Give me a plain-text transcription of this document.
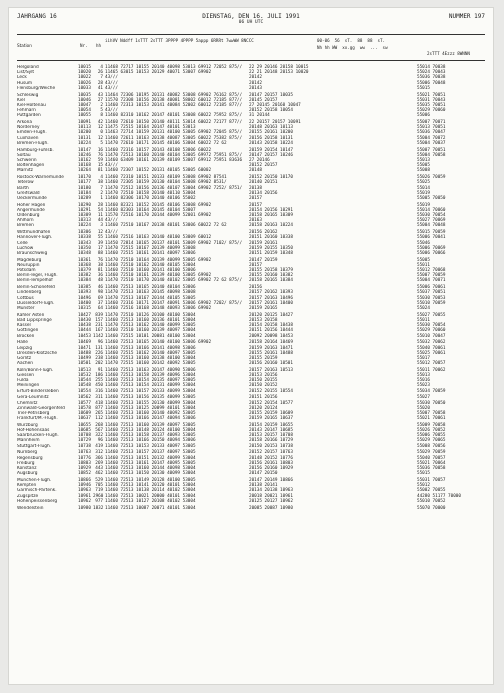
JAHRGANG 16	DIENSTAG, DEN 16. JULI 1991	NUMMER 197
06 UH UTC
Station	Nr. hh
iihVV Nddff 1sTTT 2sTTT 3PPPP 4PPPP 5appp 6RRRt 7wwWW 8NCCC	00-06  56  sT.  88  88  sT.
Nh hh WW  xx.gg  ww  ...  sw
2sTTT 4Ezzz 8WNNN
Helgoland	10015	4 11468 72717 10155 20140 40098 53013 69912 72052 875// 22 29 20146 20158 10015	55014 70038
List/Sylt	10020	26 11465 63015 10153 20129 40071 53007 69902	22 21 20148 20153 10020	55024 70043
Leck	10022	7 43///	20142	55036 70038
Husum	10026	28 43///	20142	55006 70048
Flensburg/Weiche	10033	41 43///	20143	55015
Schleswig	10035	43 11464 72306 10195 20131 40082 53008 69902 76162 875// 20147 20157 10035	55021 70051
Kiel	10046	27 11570 72308 10156 20138 40081 58002 60012 72185 877// 20145 20157	55031 70043
Kiel-Holtenau	10047	2 11460 72313 10153 20141 40084 52002 60012 72185 877// 27 20145 20160 10047	55035 70051
Fehmarn	10054	5 43///	20152 20158 10054	55029 70060
Puttgarden	10055	8 11460 82310 10162 20147 40101 53008 60022 75952 875// 31 20144	55006
Arkona	10091	42 11460 72610 10150 20140 40111 53014 60022 72177 877// 22 20157 20157 10091	55007 70071
Norderney	10113	12 11475 72515 10164 20147 40101 53013	20148 20163 10113	55013 70051
Emden-Flugh.	10200	0 11463 72714 10159 20131 40100 53005 69902 72045 875// 20155 20161 10200	55036 70047
Cuxhaven	10131	12 11460 72611 10163 20138 40087 53005 60022 75382 875// 20156 20158 10131	55004 70072
Bremen-Flugh.	10224	5 11470 72610 10171 20145 40106 53004 60022 72 62	20143 20158 10224	55004 70037
Hamburg-Fuhlsb.	10147	16 11460 72316 10157 20143 40108 53006 60022	20159 20154 10147	55007 70051
Soltau	10246	76 11470 72513 10160 20140 40104 53005 69972 75951 875// 20147 20157 10246	55004 70058
Schwerin	10162	59 11460 63409 10161 20139 40109 53007 69912 75951 83636 27 20146	55013
Boltenhagen	10168	15 43///	20152 20157	55005
Marnitz	10264	81 11460 72307 10152 20131 40105 53005 60002	20148	55008
Rostock-Warnemünde	10170	4 11460 72310 10151 20133 40109 53008 69902 87541	20152 20150 10170	55026 70059
Teterow	10177	38 11460 72305 10159 20130 40104 53008 69902 8531/	20140 20151	55025
Barth	10180	7 11470 72512 10156 20136 40107 53004 69902 7252/ 8751/ 20138	55014
Greifswald	10184	2 11470 72510 10158 20140 40110 53004	20134 20156	55019
Ueckermünde	10289	1 11460 82306 10170 20140 40106 55002	20157	55005 70050
Hoher Hagen	10290	28 11460 82321 10152 20145 40106 53008 69902	20157	55019
Angermünde	10291	54 11460 82303 10164 20145 40104 53007	20154 20156 10291	55014 70060
Oldenburg	10309	11 11570 72516 10170 20144 40099 52001 69902	20158 20165 10309	55030 70054
Ahlhorn	10313	44 43///	20163	55027 70069
Bremen	10224	3 11460 72510 10167 20138 40101 53006 60022 72 62	20158 20163 10224	55004 70048
Wittmundhafen	10306	12 43///	20156 20162	55015 70059
Hannover-Flugh.	10338	55 11460 72516 10163 20140 40100 53009 60012	20151 20160 10338	55006 70041
Celle	10343	39 11450 72814 10165 20137 40101 53009 69902 7102/ 875// 20159 20161	55046
Lüchow	10350	17 11470 72515 10167 20139 40099 53008	20159 20155 10350	55006 70069
Braunschweig	10348	88 11460 72515 10161 20141 40097 53006	20151 20159 10348	55006 70066
Magdeburg	10361	76 11470 72510 10164 20139 40099 53005 69902	20147 20159	55005
Neuruppin	10368	38 11460 72510 10162 20140 40105 53004	20157	55011
Potsdam	10379	81 11460 72510 10160 20141 40100 53006	20155 20158 10379	55012 70068
Berlin-Tegel, Flugh.	10382	36 11460 72510 10161 20139 40100 53005 69902	20155 20160 10382	55007 70059
Berlin-Tempelhof	10384	48 11470 72510 10170 20140 40102 53005 69902 72 62 875// 20158 20165 10384	55004 70071
Berlin-Schönefeld	10385	46 11460 72513 10165 20140 40104 53006	20156	55006 70061
Lindenberg	10393	98 11470 72513 10163 20145 40098 53008	20157 20162 10393	55037 70051
Cottbus	10496	69 11470 72513 10167 20144 40105 53005	20157 20163 10496	55030 70053
Düsseldorf-Flugh.	10400	37 11460 72316 10171 20147 40091 53006 69902 7202/ 875// 20157 20161 10400	55010 70059
Münster	10315	64 11460 72516 10168 20148 40093 53006 69902	20159 20165	55024
Kahler Asten	10427 839 11470 72510 10126 20100 40100 53004	20120 20125 10427	55027 70055
Bad Lippspringe	10430 157 11460 72513 10160 20136 40101 53004	20153 20158	55011
Kassel	10438 231 11470 72513 10162 20140 40099 53005	20154 20158 10438	55030 70054
Göttingen	10444 167 11460 72510 10160 20139 40097 53004	20151 20156 10444	55029 70060
Brocken	10453 1142 11460 72515 10101 20081 40100 53004	20092 20098 10453	55010 70047
Halle	10469	96 11460 72513 10165 20140 40100 53006 69902	20158 20164 10469	55032 70062
Leipzig	10471 131 11460 72513 10166 20141 40098 53006	20159 20163 10471	55040 70061
Dresden-Klotzsche	10488 226 11460 72515 10162 20140 40097 53005	20155 20161 10488	55025 70061
Görlitz	10499 238 11460 72513 10160 20138 40100 53004	20155 20159	55017
Aachen	10501 202 11470 72515 10160 20142 40092 53005	20156 20160 10501	55012 70057
Köln/Bonn-Flugh.	10513	91 11460 72513 10163 20147 40090 53006	20157 20163 10513	55011 70062
Giessen	10532 186 11460 72513 10158 20139 40096 53004	20153 20156	55013
Fulda	10544 255 11460 72513 10154 20135 40097 53005	20150 20155	55016
Meiningen	10548 450 11460 72513 10154 20131 40099 53004	20150 20152	55023
Erfurt-Bindersleben	10554 316 11460 72513 10157 20133 40099 53004	20152 20155 10554	55034 70059
Gera-Leumnitz	10562 311 11460 72513 10156 20135 40099 53005	20151 20156	55027
Chemnitz	10577 418 11460 72513 10155 20130 40099 53004	20152 20154 10577	55030 70050
Zinnwald-Georgenfeld	10578 877 11460 72513 10125 20099 40101 53004	20120 20124	55020
Trier-Petrisberg	10609 265 11460 72513 10160 20140 40092 53005	20155 20159 10609	55007 70058
Frankfurt/M.-Flugh.	10637 112 11460 72513 10166 20147 40094 53006	20159 20165 10637	55021 70061
Würzburg	10655 268 11460 72513 10160 20139 40097 53005	20154 20159 10655	55009 70058
Hof-Hohensaas	10685 567 11460 72513 10148 20124 40100 53004	20143 20147 10685	55026 70052
Saarbrücken-Flugh.	10708 322 11460 72513 10158 20137 40093 53005	20153 20157 10708	55006 70055
Mannheim	10729	96 11460 72513 10166 20150 40094 53006	20158 20166 10729	55029 70065
Stuttgart-Flugh.	10738 419 11460 72513 10153 20133 40097 53005	20150 20153 10738	55008 70056
Nürnberg	10763 312 11460 72513 10157 20137 40097 53005	20152 20157 10763	55029 70059
Regensburg	10776 366 11460 72513 10151 20132 40099 53004	20148 20152 10776	55040 70057
Freiburg	10803 269 11460 72513 10161 20147 40095 53005	20156 20161 10803	55021 70064
Konstanz	10929 443 11460 72513 10160 20144 40098 53004	20156 20160 10929	55036 70058
Augsburg	10852 462 11460 72513 10150 20130 40099 53004	20147 20150	55015
München-Flugh.	10866 529 11460 72513 10149 20128 40100 53005	20147 20149 10866	55031 70057
Kempten	10946 705 11460 72513 10141 20120 40101 53004	20138 20141	55012
Garmisch-Partenk.	10963 719 11460 72513 10138 20114 40102 53004	20134 20138 10963	55002 70055
Zugspitze	10961 2960 11460 72513 10021 20000 40101 53004	20018 20021 10961	44280 51177 70000
Hohenpeissenberg	10962 977 11460 72513 10127 20108 40102 53004	20125 20127 10962	55010 70052
Wendelstein	10980 1832 11460 72513 10087 20071 40101 53004	20085 20087 10980	55070 70000
